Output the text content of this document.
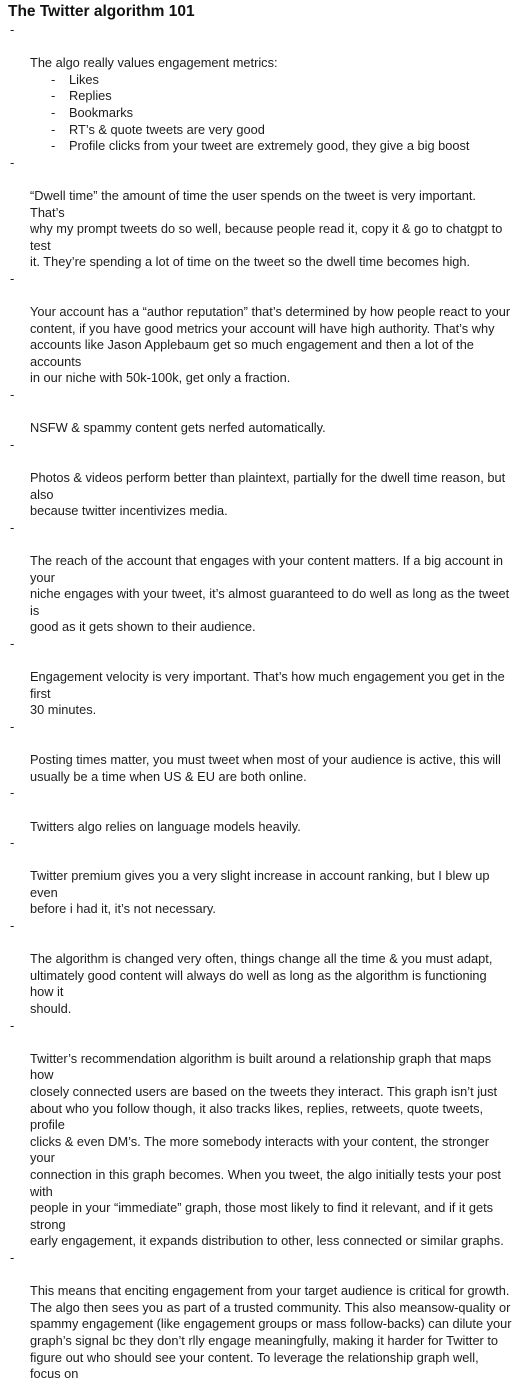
The Twitter algorithm 101

-

The algo really values engagement metrics:

- Likes
- Replies
- Bookmarks
- RT’s & quote tweets are very good
- Profile clicks from your tweet are extremely good, they give a big boost

-

“Dwell time” the amount of time the user spends on the tweet is very important. That’s
why my prompt tweets do so well, because people read it, copy it & go to chatgpt to test
it. They’re spending a lot of time on the tweet so the dwell time becomes high.

-

Your account has a “author reputation” that’s determined by how people react to your
content, if you have good metrics your account will have high authority. That’s why
accounts like Jason Applebaum get so much engagement and then a lot of the accounts
in our niche with 50k-100k, get only a fraction.

-

NSFW & spammy content gets nerfed automatically.

-

Photos & videos perform better than plaintext, partially for the dwell time reason, but also
because twitter incentivizes media.

-

The reach of the account that engages with your content matters. If a big account in your
niche engages with your tweet, it’s almost guaranteed to do well as long as the tweet is
good as it gets shown to their audience.

-

Engagement velocity is very important. That’s how much engagement you get in the first
30 minutes.

-

Posting times matter, you must tweet when most of your audience is active, this will
usually be a time when US & EU are both online.

-

Twitters algo relies on language models heavily.

-

Twitter premium gives you a very slight increase in account ranking, but I blew up even
before i had it, it’s not necessary.

-

The algorithm is changed very often, things change all the time & you must adapt,
ultimately good content will always do well as long as the algorithm is functioning how it
should.

-

Twitter’s recommendation algorithm is built around a relationship graph that maps how
closely connected users are based on the tweets they interact. This graph isn’t just
about who you follow though, it also tracks likes, replies, retweets, quote tweets, profile
clicks & even DM’s. The more somebody interacts with your content, the stronger your
connection in this graph becomes. When you tweet, the algo initially tests your post with
people in your “immediate” graph, those most likely to find it relevant, and if it gets strong
early engagement, it expands distribution to other, less connected or similar graphs.

-

This means that enciting engagement from your target audience is critical for growth.
The algo then sees you as part of a trusted community. This also meansow-quality or
spammy engagement (like engagement groups or mass follow-backs) can dilute your
graph’s signal bc they don’t rlly engage meaningfully, making it harder for Twitter to
figure out who should see your content. To leverage the relationship graph well, focus on
